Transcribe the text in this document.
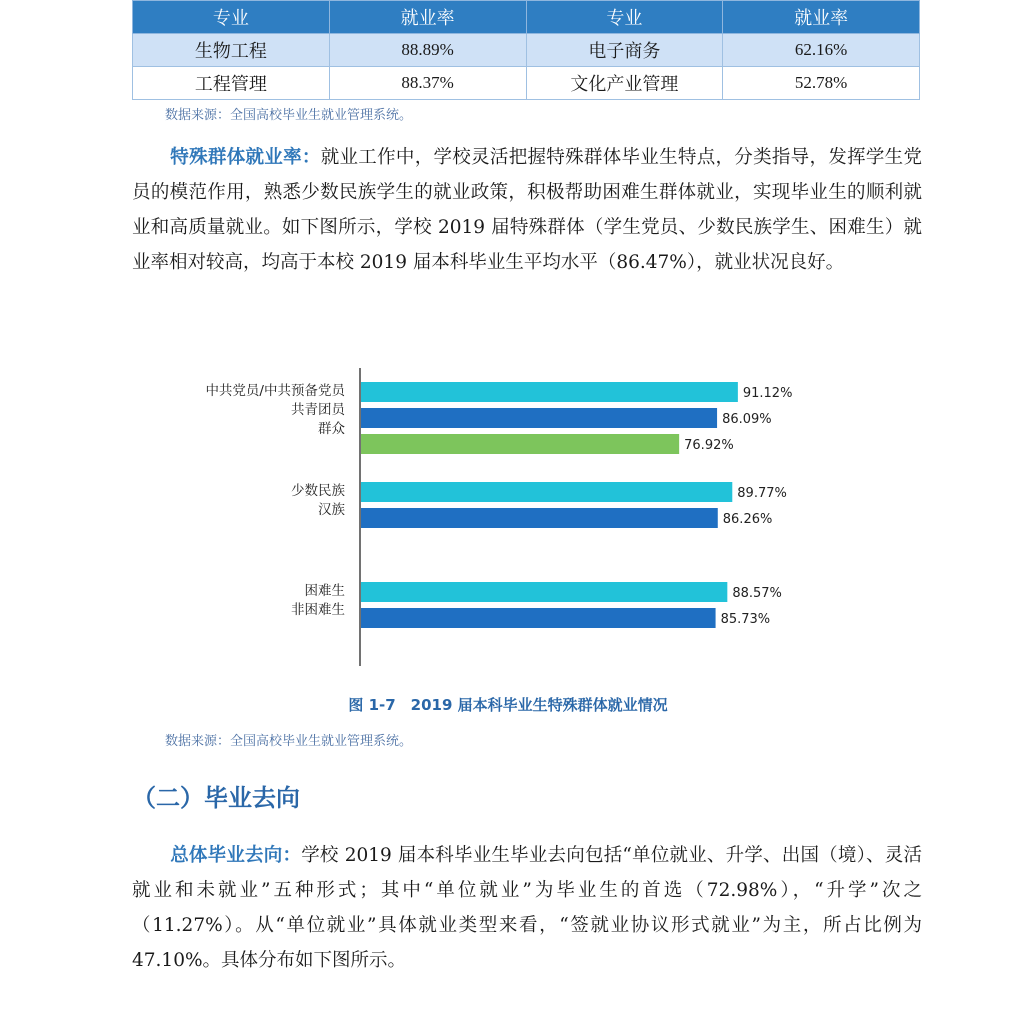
专业	就业率	专业	就业率
生物工程	88.89%	电子商务	62.16%
工程管理	88.37%	文化产业管理	52.78%
数据来源：全国高校毕业生就业管理系统。

特殊群体就业率：就业工作中，学校灵活把握特殊群体毕业生特点，分类指导，发挥学生党员的模范作用，熟悉少数民族学生的就业政策，积极帮助困难生群体就业，实现毕业生的顺利就业和高质量就业。如下图所示，学校 2019 届特殊群体（学生党员、少数民族学生、困难生）就业率相对较高，均高于本校 2019 届本科毕业生平均水平（86.47%），就业状况良好。

91.12%
86.09%
76.92%
中共党员/中共预备党员
共青团员
群众
89.77%
86.26%
少数民族
汉族
88.57%
85.73%
困难生
非困难生
图 1-7　2019 届本科毕业生特殊群体就业情况
数据来源：全国高校毕业生就业管理系统。
（二）毕业去向

总体毕业去向：学校 2019 届本科毕业生毕业去向包括“单位就业、升学、出国（境）、灵活就业和未就业”五种形式；其中“单位就业”为毕业生的首选（72.98%），“升学”次之（11.27%）。从“单位就业”具体就业类型来看，“签就业协议形式就业”为主，所占比例为 47.10%。具体分布如下图所示。
